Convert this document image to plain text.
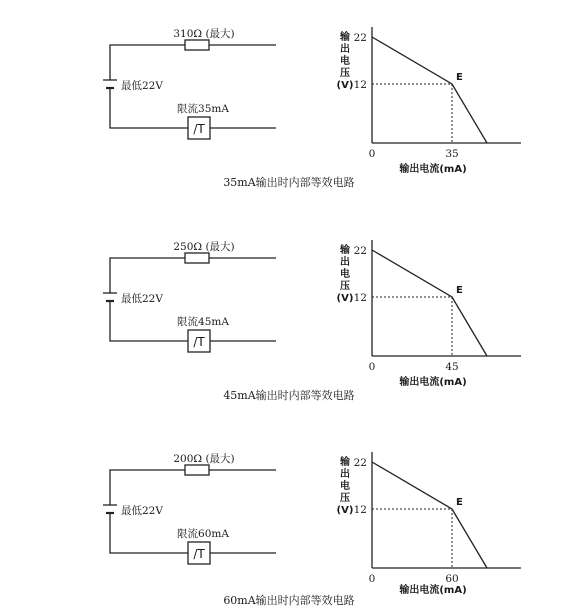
310Ω (最大)
最低22V
限流35mA
/T
22
12
0	35
E
输出电流(mA)
输出电压(V)
35mA输出时内部等效电路
250Ω (最大)
最低22V
限流45mA
/T
22
12
0	45
E
输出电流(mA)
输出电压(V)
45mA输出时内部等效电路
200Ω (最大)
最低22V
限流60mA
/T
22
12
0	60
E
输出电流(mA)
输出电压(V)
60mA输出时内部等效电路
